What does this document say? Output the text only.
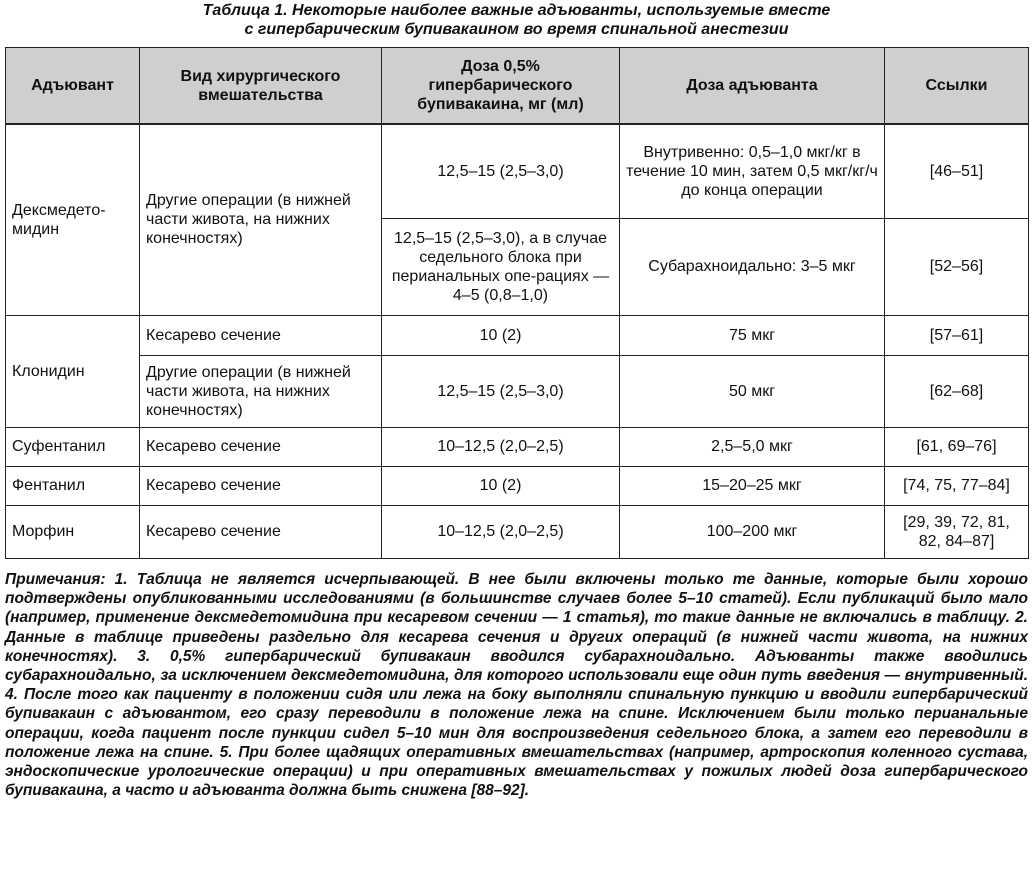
Таблица 1. Некоторые наиболее важные адъюванты, используемые вместе
с гипербарическим бупивакаином во время спинальной анестезии
Адъювант	Вид хирургического вмешательства	Доза 0,5% гипербарического бупивакаина, мг (мл)	Доза адъюванта	Ссылки
Дексмедето-мидин	Другие операции (в нижней части живота, на нижних конечностях)	12,5–15 (2,5–3,0)	Внутривенно: 0,5–1,0 мкг/кг в течение 10 мин, затем 0,5 мкг/кг/ч до конца операции	[46–51]
		12,5–15 (2,5–3,0), а в случае седельного блока при перианальных опе-рациях — 4–5 (0,8–1,0)	Субарахноидально: 3–5 мкг	[52–56]
Клонидин	Кесарево сечение	10 (2)	75 мкг	[57–61]
	Другие операции (в нижней части живота, на нижних конечностях)	12,5–15 (2,5–3,0)	50 мкг	[62–68]
Суфентанил	Кесарево сечение	10–12,5 (2,0–2,5)	2,5–5,0 мкг	[61, 69–76]
Фентанил	Кесарево сечение	10 (2)	15–20–25 мкг	[74, 75, 77–84]
Морфин	Кесарево сечение	10–12,5 (2,0–2,5)	100–200 мкг	[29, 39, 72, 81, 82, 84–87]
Примечания: 1. Таблица не является исчерпывающей. В нее были включены только те данные, которые были хорошо подтверждены опубликованными исследованиями (в большинстве случаев более 5–10 статей). Если публикаций было мало (например, применение дексмедетомидина при кесаревом сечении — 1 статья), то такие данные не включались в таблицу. 2. Данные в таблице приведены раздельно для кесарева сечения и других операций (в нижней части живота, на нижних конечностях). 3. 0,5% гипербарический бупивакаин вводился субарахноидально. Адъюванты также вводились субарахноидально, за исключением дексмедетомидина, для которого использовали еще один путь введения — внутривенный. 4. После того как пациенту в положении сидя или лежа на боку выполняли спинальную пункцию и вводили гипербарический бупивакаин с адъювантом, его сразу переводили в положение лежа на спине. Исключением были только перианальные операции, когда пациент после пункции сидел 5–10 мин для воспроизведения седельного блока, а затем его переводили в положение лежа на спине. 5. При более щадящих оперативных вмешательствах (например, артроскопия коленного сустава, эндоскопические урологические операции) и при оперативных вмешательствах у пожилых людей доза гипербарического бупивакаина, а часто и адъюванта должна быть снижена [88–92].
